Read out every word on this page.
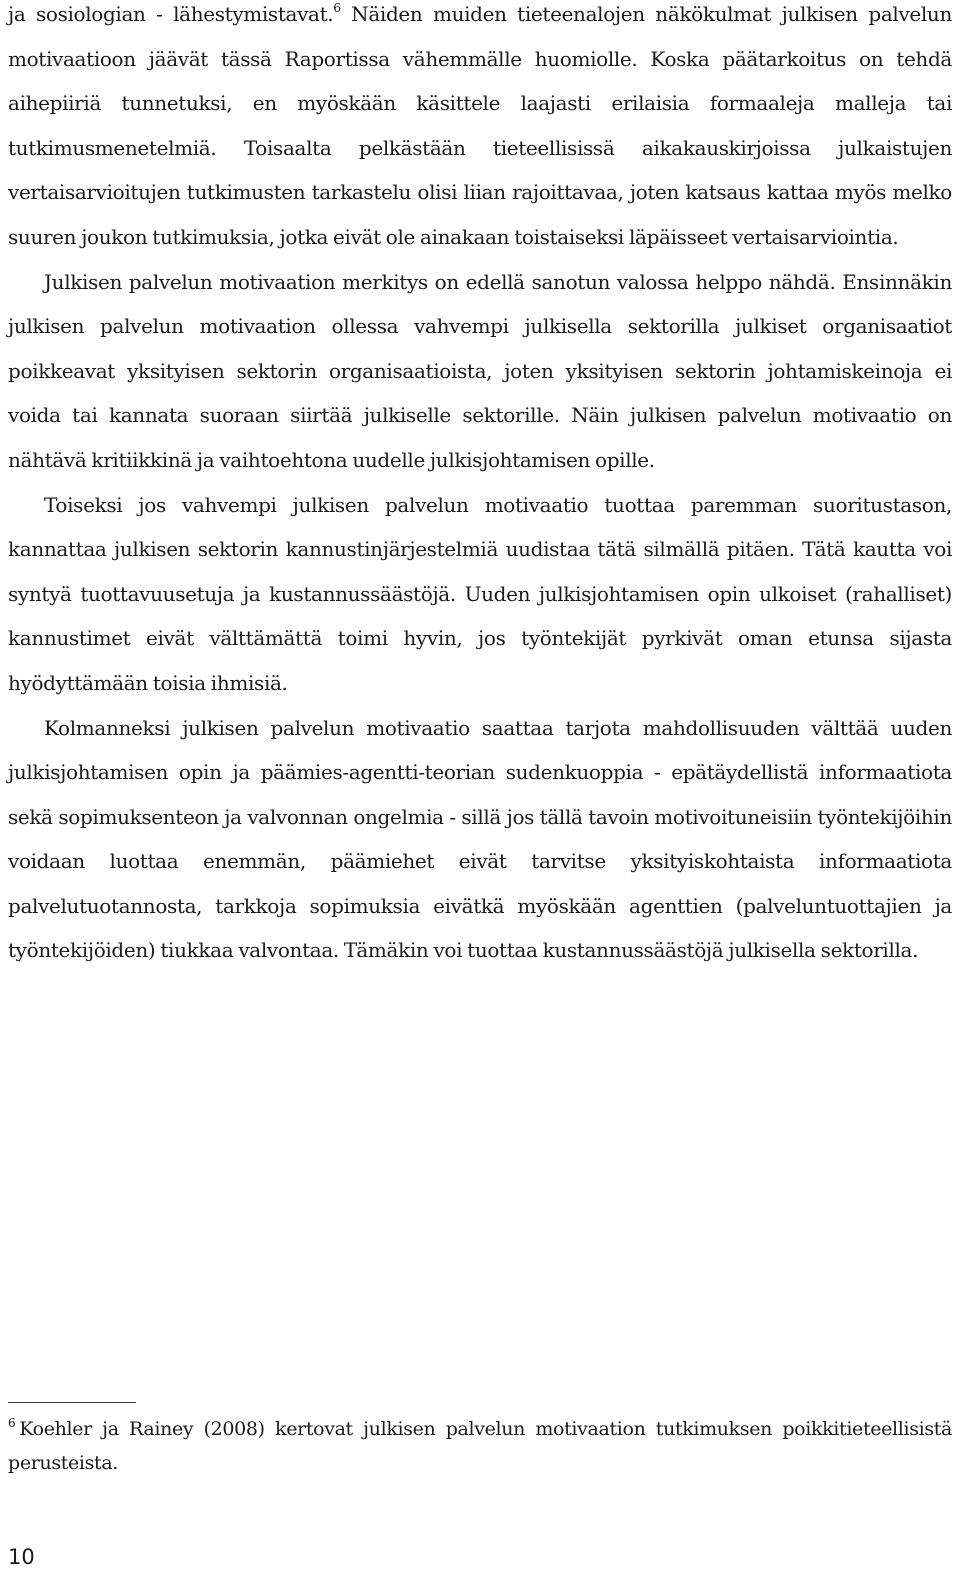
ja sosiologian - lähestymistavat.$^6$ Näiden muiden tieteenalojen näkökulmat julkisen palvelun motivaatioon jäävät tässä Raportissa vähemmälle huomiolle. Koska päätarkoitus on tehdä aihepiiriä tunnetuksi, en myöskään käsittele laajasti erilaisia formaaleja malleja tai tutkimusmenetelmiä. Toisaalta pelkästään tieteellisissä aikakauskirjoissa julkaistujen vertaisarvioitujen tutkimusten tarkastelu olisi liian rajoittavaa, joten katsaus kattaa myös melko suuren joukon tutkimuksia, jotka eivät ole ainakaan toistaiseksi läpäisseet vertaisarviointia.

Julkisen palvelun motivaation merkitys on edellä sanotun valossa helppo nähdä. Ensinnäkin julkisen palvelun motivaation ollessa vahvempi julkisella sektorilla julkiset organisaatiot poikkeavat yksityisen sektorin organisaatioista, joten yksityisen sektorin johtamiskeinoja ei voida tai kannata suoraan siirtää julkiselle sektorille. Näin julkisen palvelun motivaatio on nähtävä kritiikkinä ja vaihtoehtona uudelle julkisjohtamisen opille.

Toiseksi jos vahvempi julkisen palvelun motivaatio tuottaa paremman suoritustason, kannattaa julkisen sektorin kannustinjärjestelmiä uudistaa tätä silmällä pitäen. Tätä kautta voi syntyä tuottavuusetuja ja kustannussäästöjä. Uuden julkisjohtamisen opin ulkoiset (rahalliset) kannustimet eivät välttämättä toimi hyvin, jos työntekijät pyrkivät oman etunsa sijasta hyödyttämään toisia ihmisiä.

Kolmanneksi julkisen palvelun motivaatio saattaa tarjota mahdollisuuden välttää uuden julkisjohtamisen opin ja päämies-agentti-teorian sudenkuoppia - epätäydellistä informaatiota sekä sopimuksenteon ja valvonnan ongelmia - sillä jos tällä tavoin motivoituneisiin työntekijöihin voidaan luottaa enemmän, päämiehet eivät tarvitse yksityiskohtaista informaatiota palvelutuotannosta, tarkkoja sopimuksia eivätkä myöskään agenttien (palveluntuottajien ja työntekijöiden) tiukkaa valvontaa. Tämäkin voi tuottaa kustannussäästöjä julkisella sektorilla.

$^6$ Koehler ja Rainey (2008) kertovat julkisen palvelun motivaation tutkimuksen poikkitieteellisistä perusteista.

10
